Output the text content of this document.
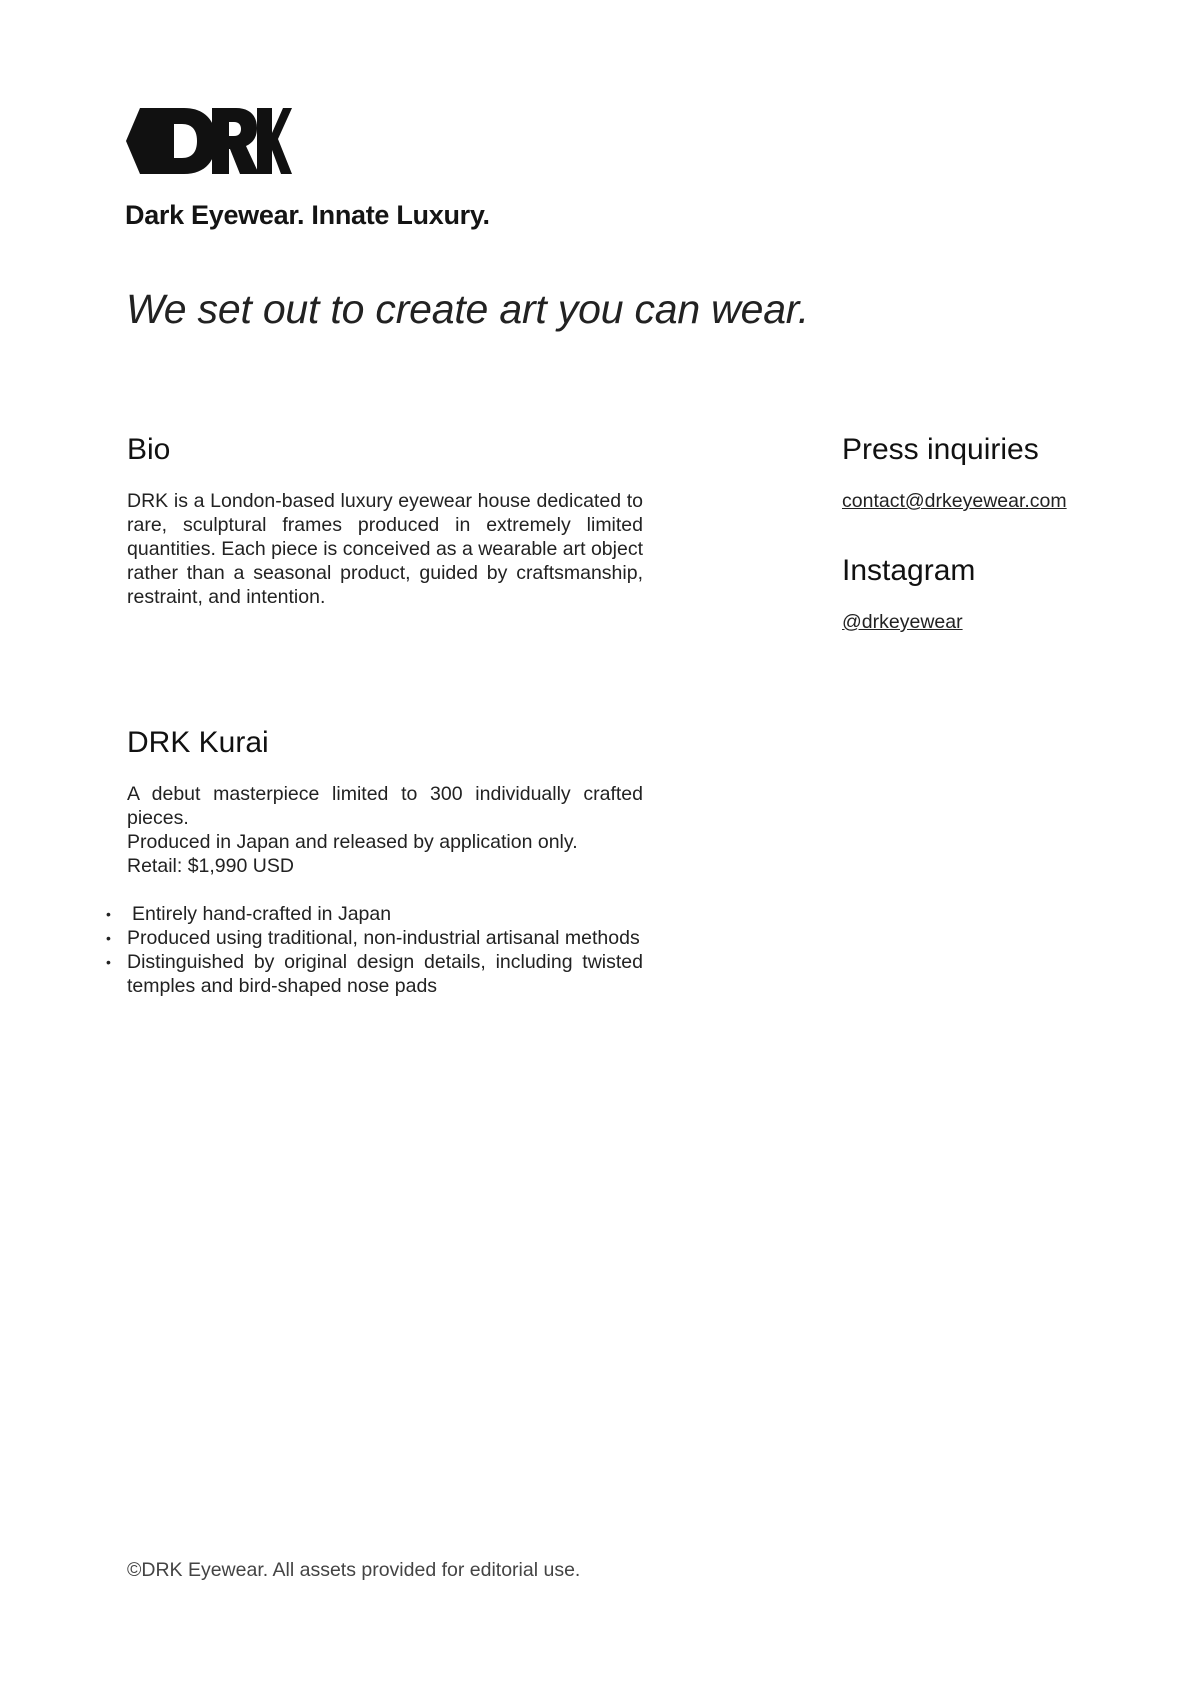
Dark Eyewear. Innate Luxury.
We set out to create art you can wear.
Bio
DRK is a London-based luxury eyewear house dedicated to rare, sculptural frames produced in extremely limited quantities. Each piece is conceived as a wearable art object rather than a seasonal product, guided by craftsmanship, restraint, and intention.
Press inquiries
contact@drkeyewear.com
Instagram
@drkeyewear
DRK Kurai

A debut masterpiece limited to 300 individually crafted pieces.

Produced in Japan and released by application only.

Retail: $1,990 USD

• Entirely hand-crafted in Japan
• Produced using traditional, non-industrial artisanal methods
• Distinguished by original design details, including twisted temples and bird-shaped nose pads
©DRK Eyewear. All assets provided for editorial use.
